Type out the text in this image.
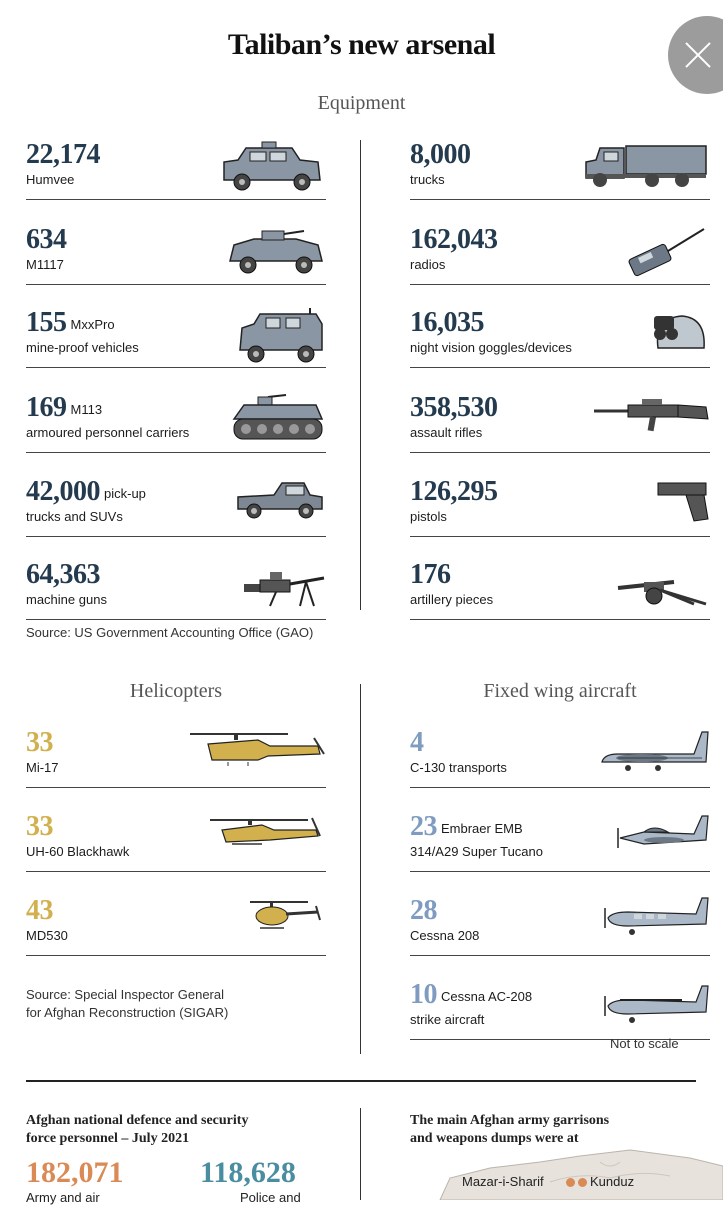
Taliban’s new arsenal
Equipment
22,174
Humvee
634
M1117
155 MxxPro
mine-proof vehicles
169 M113
armoured personnel carriers
42,000 pick-up
trucks and SUVs
64,363
machine guns
8,000
trucks
162,043
radios
16,035
night vision goggles/devices
358,530
assault rifles
126,295
pistols
176
artillery pieces
Source: US Government Accounting Office (GAO)
Helicopters	Fixed wing aircraft
33
Mi-17
33
UH-60 Blackhawk
43
MD530
Source: Special Inspector General
for Afghan Reconstruction (SIGAR)
4
C-130 transports
23 Embraer EMB
314/A29 Super Tucano
28
Cessna 208
10 Cessna AC-208
strike aircraft
Not to scale
Afghan national defence and security
force personnel – July 2021
182,071
Army and air
118,628
Police and
The main Afghan army garrisons
and weapons dumps were at
Mazar-i-Sharif	Kunduz
